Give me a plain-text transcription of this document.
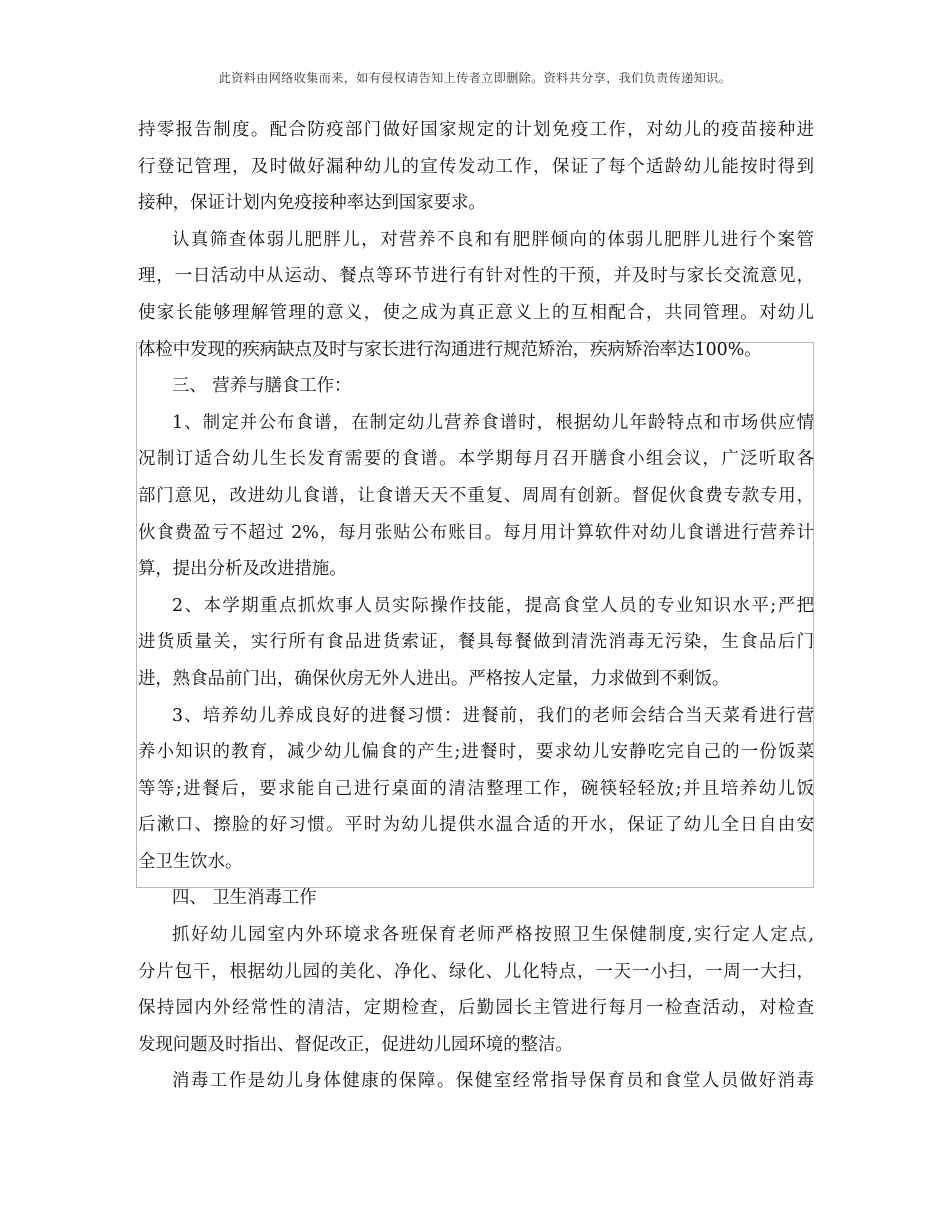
此资料由网络收集而来，如有侵权请告知上传者立即删除。资料共分享，我们负责传递知识。
持零报告制度。配合防疫部门做好国家规定的计划免疫工作，对幼儿的疫苗接种进
行登记管理，及时做好漏种幼儿的宣传发动工作，保证了每个适龄幼儿能按时得到
接种，保证计划内免疫接种率达到国家要求。
认真筛查体弱儿肥胖儿，对营养不良和有肥胖倾向的体弱儿肥胖儿进行个案管
理，一日活动中从运动、餐点等环节进行有针对性的干预，并及时与家长交流意见，
使家长能够理解管理的意义，使之成为真正意义上的互相配合，共同管理。对幼儿
体检中发现的疾病缺点及时与家长进行沟通进行规范矫治，疾病矫治率达100%。
三、 营养与膳食工作：
1、制定并公布食谱，在制定幼儿营养食谱时，根据幼儿年龄特点和市场供应情
况制订适合幼儿生长发育需要的食谱。本学期每月召开膳食小组会议，广泛听取各
部门意见，改进幼儿食谱，让食谱天天不重复、周周有创新。督促伙食费专款专用，
伙食费盈亏不超过 2%，每月张贴公布账目。每月用计算软件对幼儿食谱进行营养计
算，提出分析及改进措施。
2、本学期重点抓炊事人员实际操作技能，提高食堂人员的专业知识水平;严把
进货质量关，实行所有食品进货索证，餐具每餐做到清洗消毒无污染，生食品后门
进，熟食品前门出，确保伙房无外人进出。严格按人定量，力求做到不剩饭。
3、培养幼儿养成良好的进餐习惯：进餐前，我们的老师会结合当天菜肴进行营
养小知识的教育，减少幼儿偏食的产生;进餐时，要求幼儿安静吃完自己的一份饭菜
等等;进餐后，要求能自己进行桌面的清洁整理工作，碗筷轻轻放;并且培养幼儿饭
后漱口、擦脸的好习惯。平时为幼儿提供水温合适的开水，保证了幼儿全日自由安
全卫生饮水。
四、 卫生消毒工作
抓好幼儿园室内外环境求各班保育老师严格按照卫生保健制度,实行定人定点,
分片包干，根据幼儿园的美化、净化、绿化、儿化特点，一天一小扫，一周一大扫，
保持园内外经常性的清洁，定期检查，后勤园长主管进行每月一检查活动，对检查
发现问题及时指出、督促改正，促进幼儿园环境的整洁。
消毒工作是幼儿身体健康的保障。保健室经常指导保育员和食堂人员做好消毒
